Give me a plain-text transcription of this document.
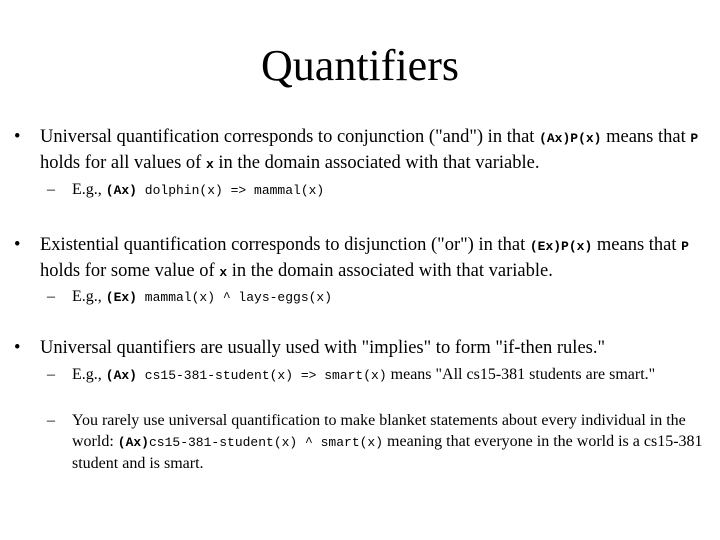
Quantifiers
• Universal quantification corresponds to conjunction ("and") in that (Ax)P(x) means that P holds for all values of x in the domain associated with that variable.
– E.g., (Ax) dolphin(x) => mammal(x)
• Existential quantification corresponds to disjunction ("or") in that (Ex)P(x) means that P holds for some value of x in the domain associated with that variable.
– E.g., (Ex) mammal(x) ^ lays-eggs(x)
• Universal quantifiers are usually used with "implies" to form "if-then rules."
– E.g., (Ax) cs15-381-student(x) => smart(x) means "All cs15-381 students are smart."
– You rarely use universal quantification to make blanket statements about every individual in the world: (Ax)cs15-381-student(x) ^ smart(x) meaning that everyone in the world is a cs15-381 student and is smart.
